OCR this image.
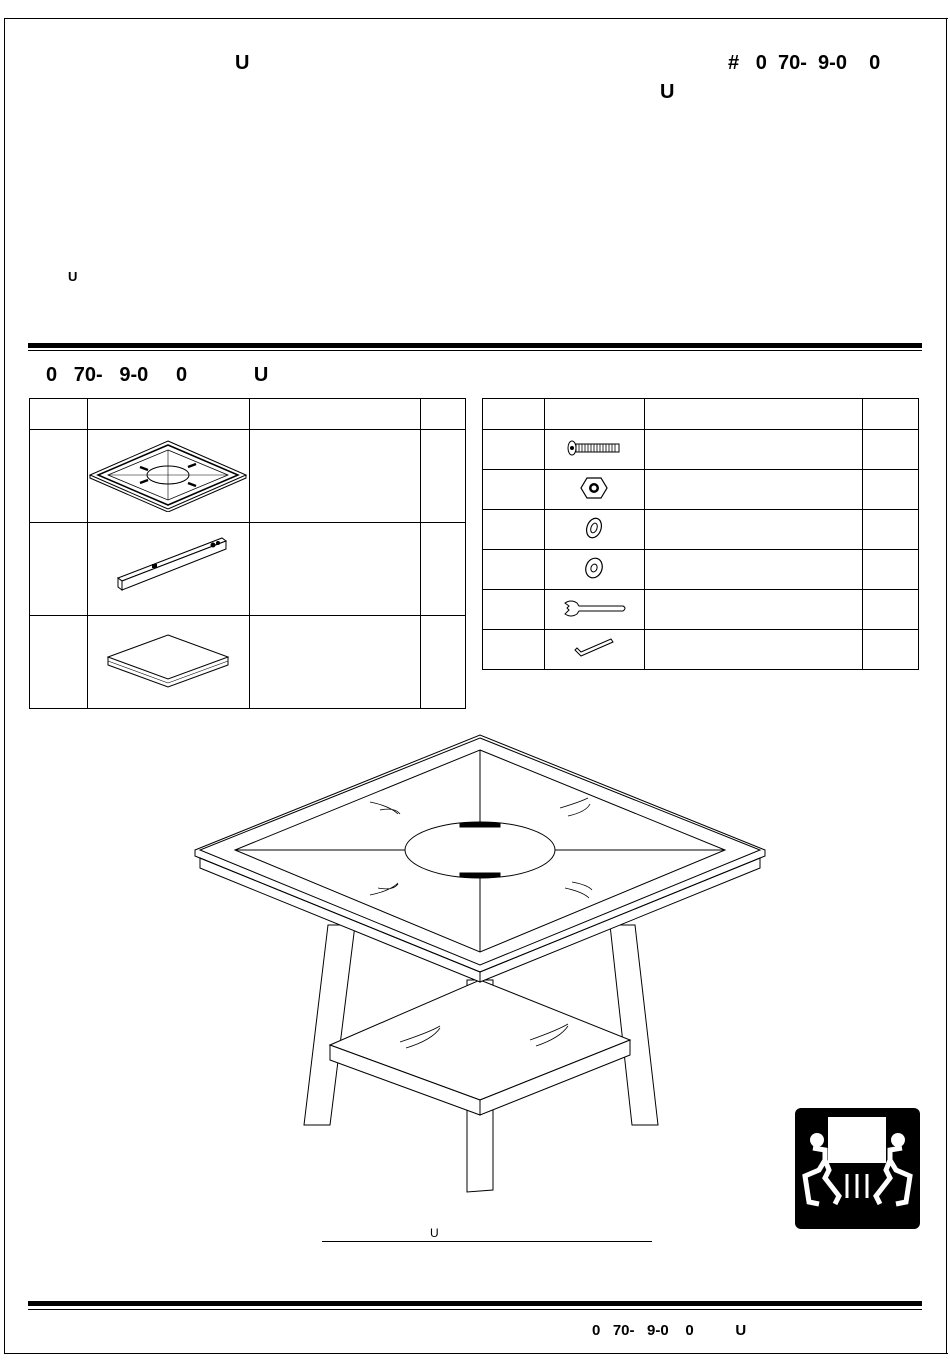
U	#   0  70-  9-0    0
U
U
0   70-   9-0     0            U

U
0   70-   9-0    0          U
